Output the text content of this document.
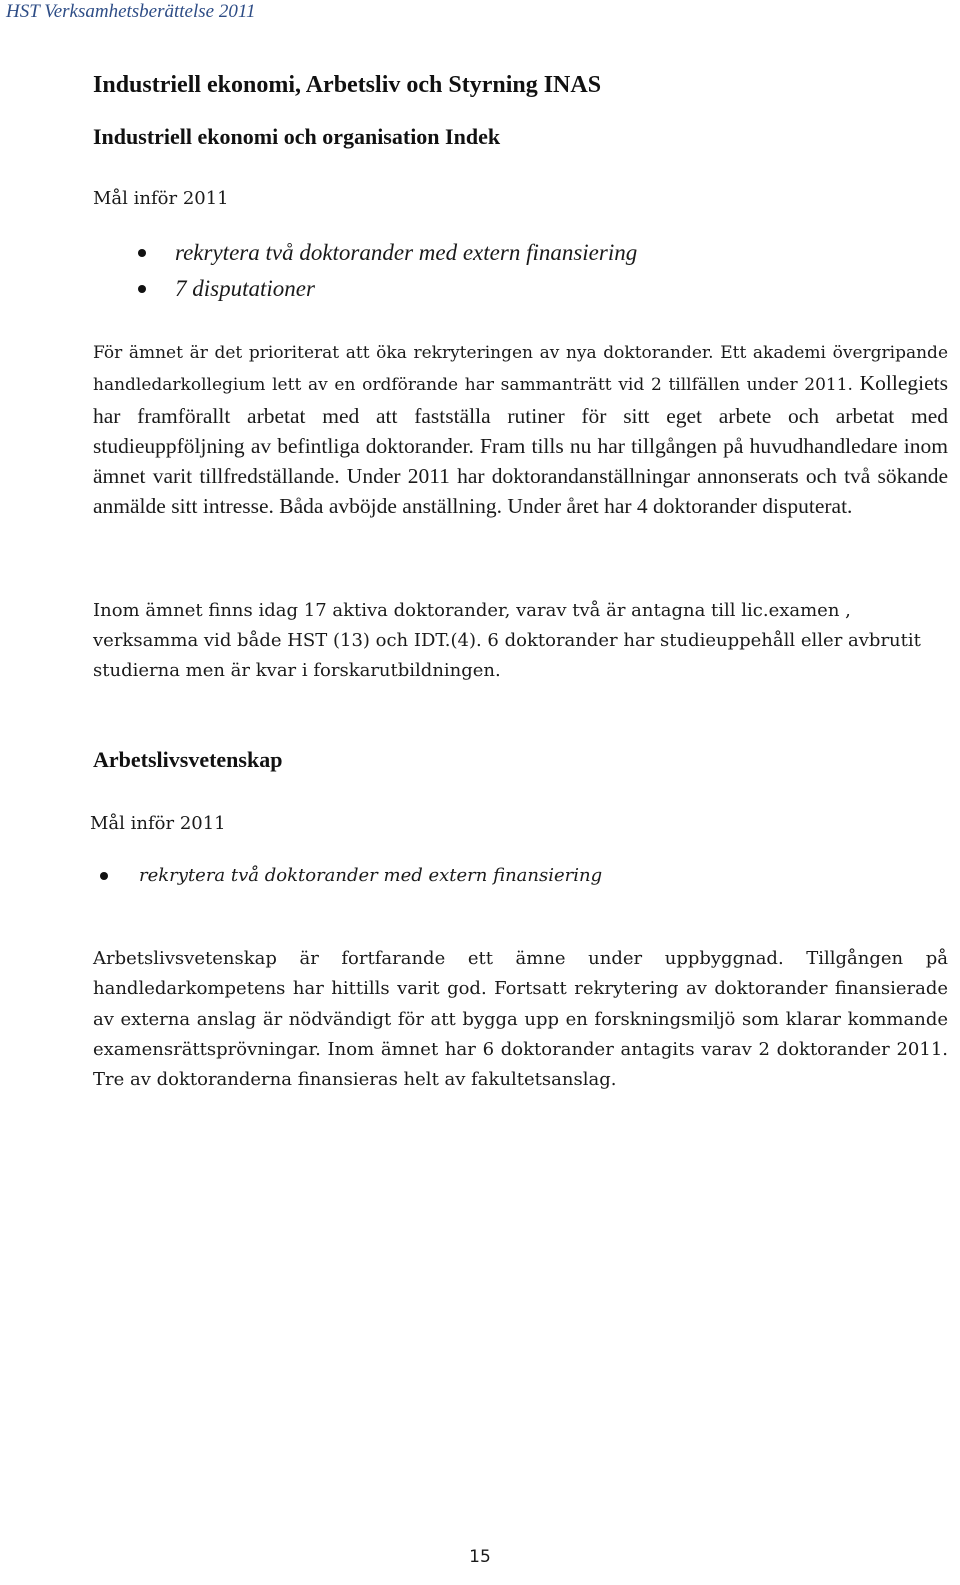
HST Verksamhetsberättelse 2011
Industriell ekonomi, Arbetsliv och Styrning INAS
Industriell ekonomi och organisation Indek
Mål inför 2011
rekrytera två doktorander med extern finansiering
7 disputationer

För ämnet är det prioriterat att öka rekryteringen av nya doktorander. Ett akademi övergripande handledarkollegium lett av en ordförande har sammanträtt vid 2 tillfällen under 2011. Kollegiets har framförallt arbetat med att fastställa rutiner för sitt eget arbete och arbetat med studieuppföljning av befintliga doktorander. Fram tills nu har tillgången på huvudhandledare inom ämnet varit tillfredställande. Under 2011 har doktorandanställningar annonserats och två sökande anmälde sitt intresse. Båda avböjde anställning. Under året har 4 doktorander disputerat.

Inom ämnet finns idag 17 aktiva doktorander, varav två är antagna till lic.examen , verksamma vid både HST (13) och IDT.(4). 6 doktorander har studieuppehåll eller avbrutit studierna men är kvar i forskarutbildningen.

Arbetslivsvetenskap
Mål inför 2011
rekrytera två doktorander med extern finansiering

Arbetslivsvetenskap är fortfarande ett ämne under uppbyggnad. Tillgången på handledarkompetens har hittills varit god. Fortsatt rekrytering av doktorander finansierade av externa anslag är nödvändigt för att bygga upp en forskningsmiljö som klarar kommande examensrättsprövningar. Inom ämnet har 6 doktorander antagits varav 2 doktorander 2011. Tre av doktoranderna finansieras helt av fakultetsanslag.

15
